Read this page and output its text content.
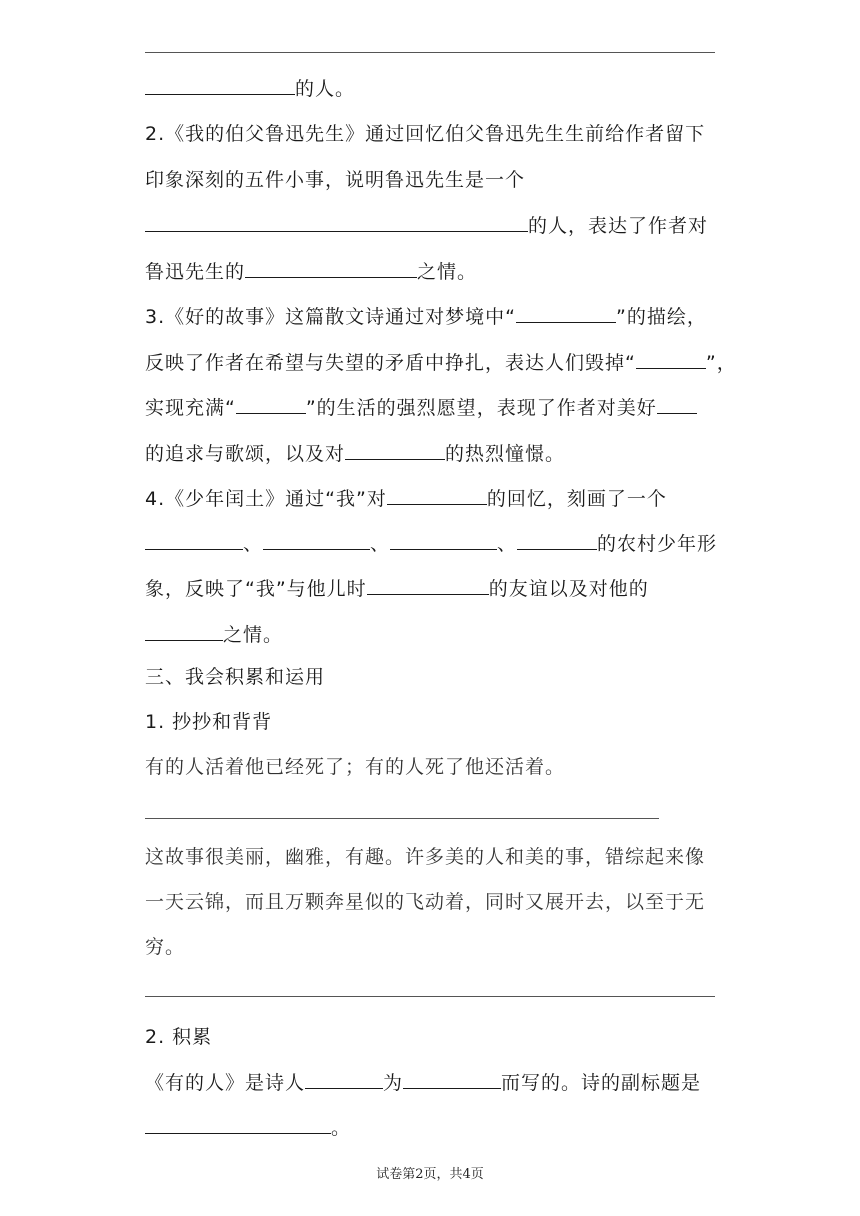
的人。
2.《我的伯父鲁迅先生》通过回忆伯父鲁迅先生生前给作者留下
印象深刻的五件小事，说明鲁迅先生是一个
的人，表达了作者对
鲁迅先生的	之情。
3.《好的故事》这篇散文诗通过对梦境中“	”的描绘，
反映了作者在希望与失望的矛盾中挣扎，表达人们毁掉“	”，
实现充满“	”的生活的强烈愿望，表现了作者对美好
的追求与歌颂，以及对	的热烈憧憬。
4.《少年闰土》通过“我”对	的回忆，刻画了一个
、	、	、	的农村少年形
象，反映了“我”与他儿时	的友谊以及对他的
之情。
三、我会积累和运用
1. 抄抄和背背
有的人活着他已经死了；有的人死了他还活着。
这故事很美丽，幽雅，有趣。许多美的人和美的事，错综起来像
一天云锦，而且万颗奔星似的飞动着，同时又展开去，以至于无
穷。
2. 积累
《有的人》是诗人	为	而写的。诗的副标题是
。
试卷第2页，共4页
